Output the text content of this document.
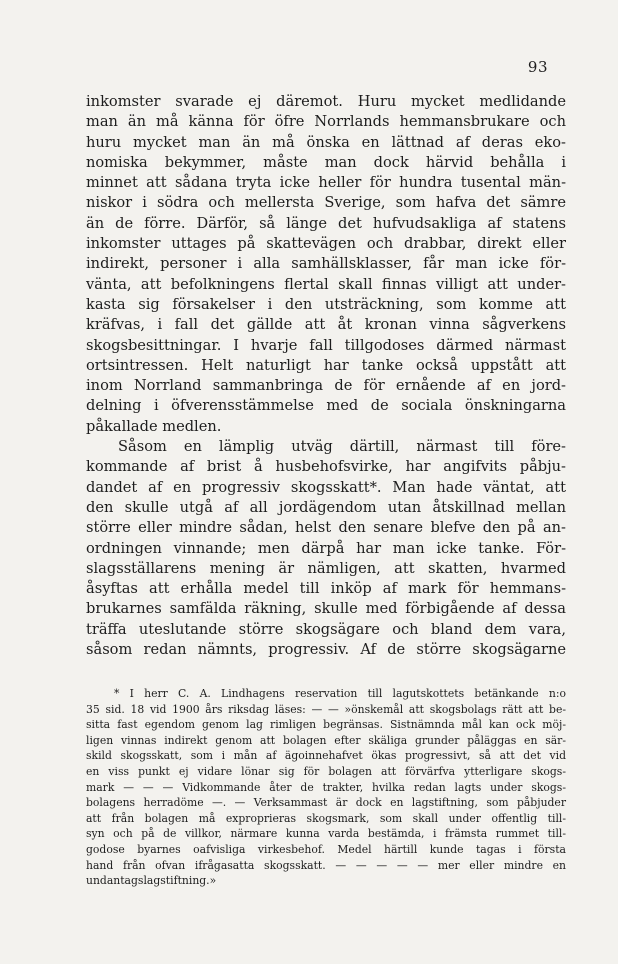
93
inkomster svarade ej däremot. Huru mycket medlidande
man än må känna för öfre Norrlands hemmansbrukare och
huru mycket man än må önska en lättnad af deras eko-
nomiska bekymmer, måste man dock härvid behålla i
minnet att sådana tryta icke heller för hundra tusental män-
niskor i södra och mellersta Sverige, som hafva det sämre
än de förre. Därför, så länge det hufvudsakliga af statens
inkomster uttages på skattevägen och drabbar, direkt eller
indirekt, personer i alla samhällsklasser, får man icke för-
vänta, att befolkningens flertal skall finnas villigt att under-
kasta sig försakelser i den utsträckning, som komme att
kräfvas, i fall det gällde att åt kronan vinna sågverkens
skogsbesittningar. I hvarje fall tillgodoses därmed närmast
ortsintressen. Helt naturligt har tanke också uppstått att
inom Norrland sammanbringa de för ernående af en jord-
delning i öfverensstämmelse med de sociala önskningarna
påkallade medlen.
Såsom en lämplig utväg därtill, närmast till före-
kommande af brist å husbehofsvirke, har angifvits påbju-
dandet af en progressiv skogsskatt*. Man hade väntat, att
den skulle utgå af all jordägendom utan åtskillnad mellan
större eller mindre sådan, helst den senare blefve den på an-
ordningen vinnande; men därpå har man icke tanke. För-
slagsställarens mening är nämligen, att skatten, hvarmed
åsyftas att erhålla medel till inköp af mark för hemmans-
brukarnes samfälda räkning, skulle med förbigående af dessa
träffa uteslutande större skogsägare och bland dem vara,
såsom redan nämnts, progressiv. Af de större skogsägarne
* I herr C. A. Lindhagens reservation till lagutskottets betänkande n:o
35 sid. 18 vid 1900 års riksdag läses: — — »önskemål att skogsbolags rätt att be-
sitta fast egendom genom lag rimligen begränsas. Sistnämnda mål kan ock möj-
ligen vinnas indirekt genom att bolagen efter skäliga grunder påläggas en sär-
skild skogsskatt, som i mån af ägoinnehafvet ökas progressivt, så att det vid
en viss punkt ej vidare lönar sig för bolagen att förvärfva ytterligare skogs-
mark — — — Vidkommande åter de trakter, hvilka redan lagts under skogs-
bolagens herradöme —. — Verksammast är dock en lagstiftning, som påbjuder
att från bolagen må exproprieras skogsmark, som skall under offentlig till-
syn och på de villkor, närmare kunna varda bestämda, i främsta rummet till-
godose byarnes oafvisliga virkesbehof. Medel härtill kunde tagas i första
hand från ofvan ifrågasatta skogsskatt. — — — — — mer eller mindre en
undantagslagstiftning.»
